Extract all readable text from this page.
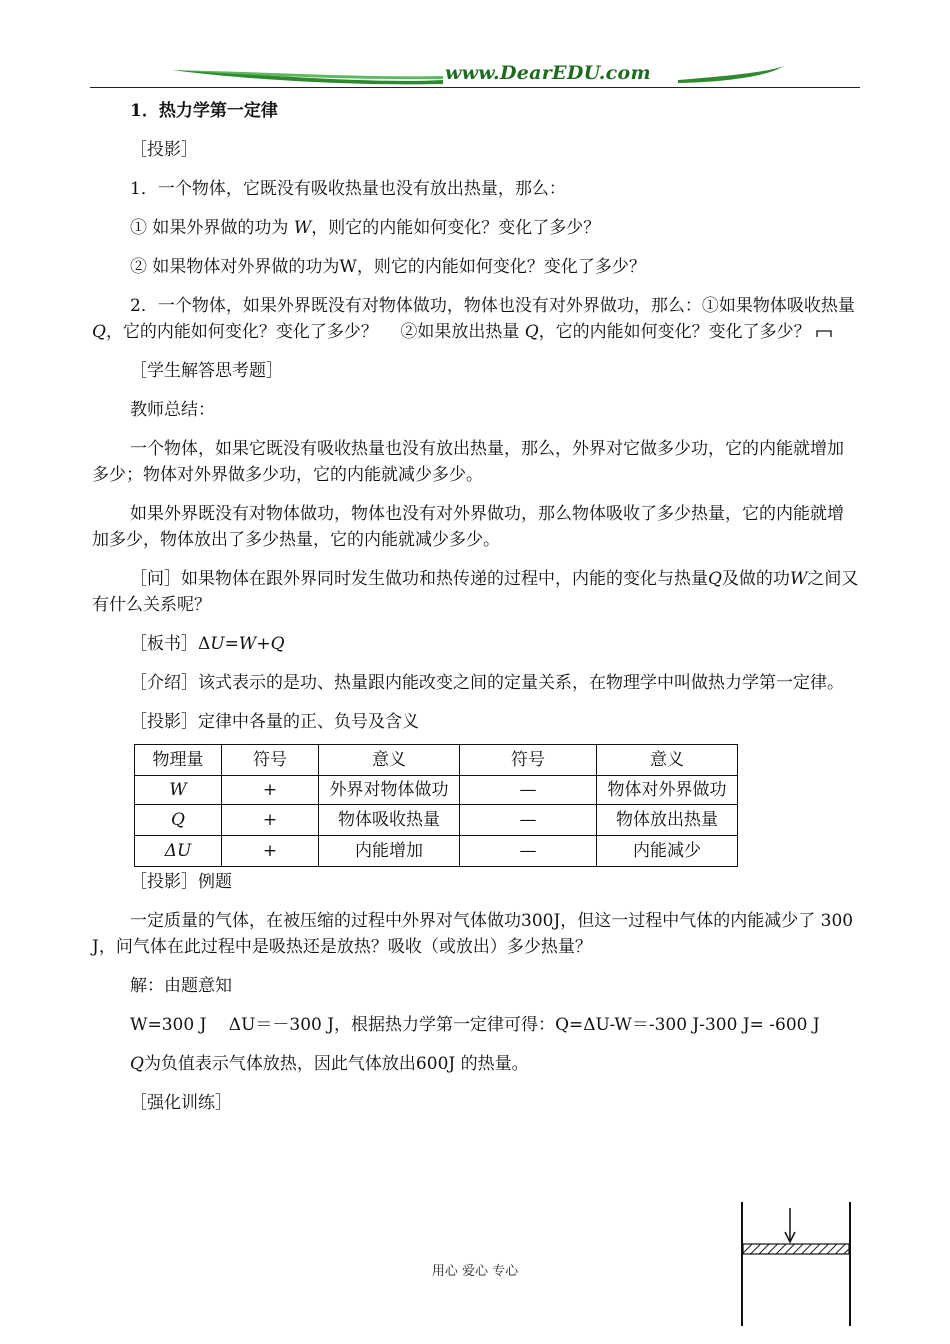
www.DearEDU.com

1．热力学第一定律

［投影］

1．一个物体，它既没有吸收热量也没有放出热量，那么：

① 如果外界做的功为 W，则它的内能如何变化？变化了多少？

② 如果物体对外界做的功为W，则它的内能如何变化？变化了多少？

2．一个物体，如果外界既没有对物体做功，物体也没有对外界做功，那么：①如果物体吸收热量 Q，它的内能如何变化？变化了多少？　 ②如果放出热量 Q，它的内能如何变化？变化了多少？

［学生解答思考题］

教师总结：

一个物体，如果它既没有吸收热量也没有放出热量，那么，外界对它做多少功，它的内能就增加多少；物体对外界做多少功，它的内能就减少多少。

如果外界既没有对物体做功，物体也没有对外界做功，那么物体吸收了多少热量，它的内能就增加多少，物体放出了多少热量，它的内能就减少多少。

［问］如果物体在跟外界同时发生做功和热传递的过程中，内能的变化与热量Q及做的功W之间又有什么关系呢？

［板书］ΔU=W+Q

［介绍］该式表示的是功、热量跟内能改变之间的定量关系，在物理学中叫做热力学第一定律。

［投影］定律中各量的正、负号及含义

物理量	符号	意义	符号	意义
W	+	外界对物体做功	—	物体对外界做功
Q	+	物体吸收热量	—	物体放出热量
ΔU	+	内能增加	—	内能减少

［投影］例题

一定质量的气体，在被压缩的过程中外界对气体做功300J，但这一过程中气体的内能减少了 300 J，问气体在此过程中是吸热还是放热？吸收（或放出）多少热量？

解：由题意知

W=300 J　 ΔU＝－300 J，根据热力学第一定律可得：Q=ΔU-W＝-300 J-300 J= -600 J

Q为负值表示气体放热，因此气体放出600J 的热量。

［强化训练］

用心 爱心 专心
